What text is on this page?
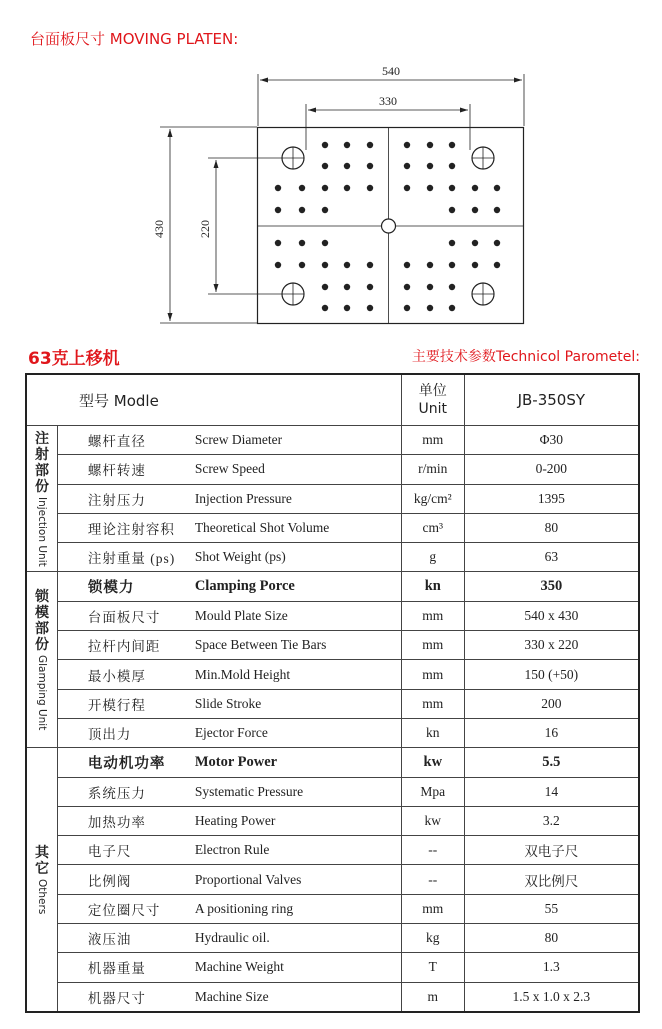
台面板尺寸 MOVING PLATEN:
540
330
430	220
63克上移机	主要技术参数Technicol Parometel:
型号 Modle			单位
Unit	JB-350SY

注射部份
Injection Unit	螺杆直径	Screw Diameter	mm	Φ30
	螺杆转速	Screw Speed	r/min	0-200
	注射压力	Injection Pressure	kg/cm²	1395
	理论注射容积	Theoretical Shot Volume	cm³	80
	注射重量 (ps)	Shot Weight (ps)	g	63

锁模部份
Glamping Unit	锁模力	Clamping Porce	kn	350
	台面板尺寸	Mould Plate Size	mm	540 x 430
	拉杆内间距	Space Between Tie Bars	mm	330 x 220
	最小模厚	Min.Mold Height	mm	150 (+50)
	开模行程	Slide Stroke	mm	200
	顶出力	Ejector Force	kn	16

其它
Others	电动机功率	Motor Power	kw	5.5
	系统压力	Systematic Pressure	Mpa	14
	加热功率	Heating Power	kw	3.2
	电子尺	Electron Rule	--	双电子尺
	比例阀	Proportional Valves	--	双比例尺
	定位圈尺寸	A positioning ring	mm	55
	液压油	Hydraulic oil.	kg	80
	机器重量	Machine Weight	T	1.3
	机器尺寸	Machine Size	m	1.5 x 1.0 x 2.3
